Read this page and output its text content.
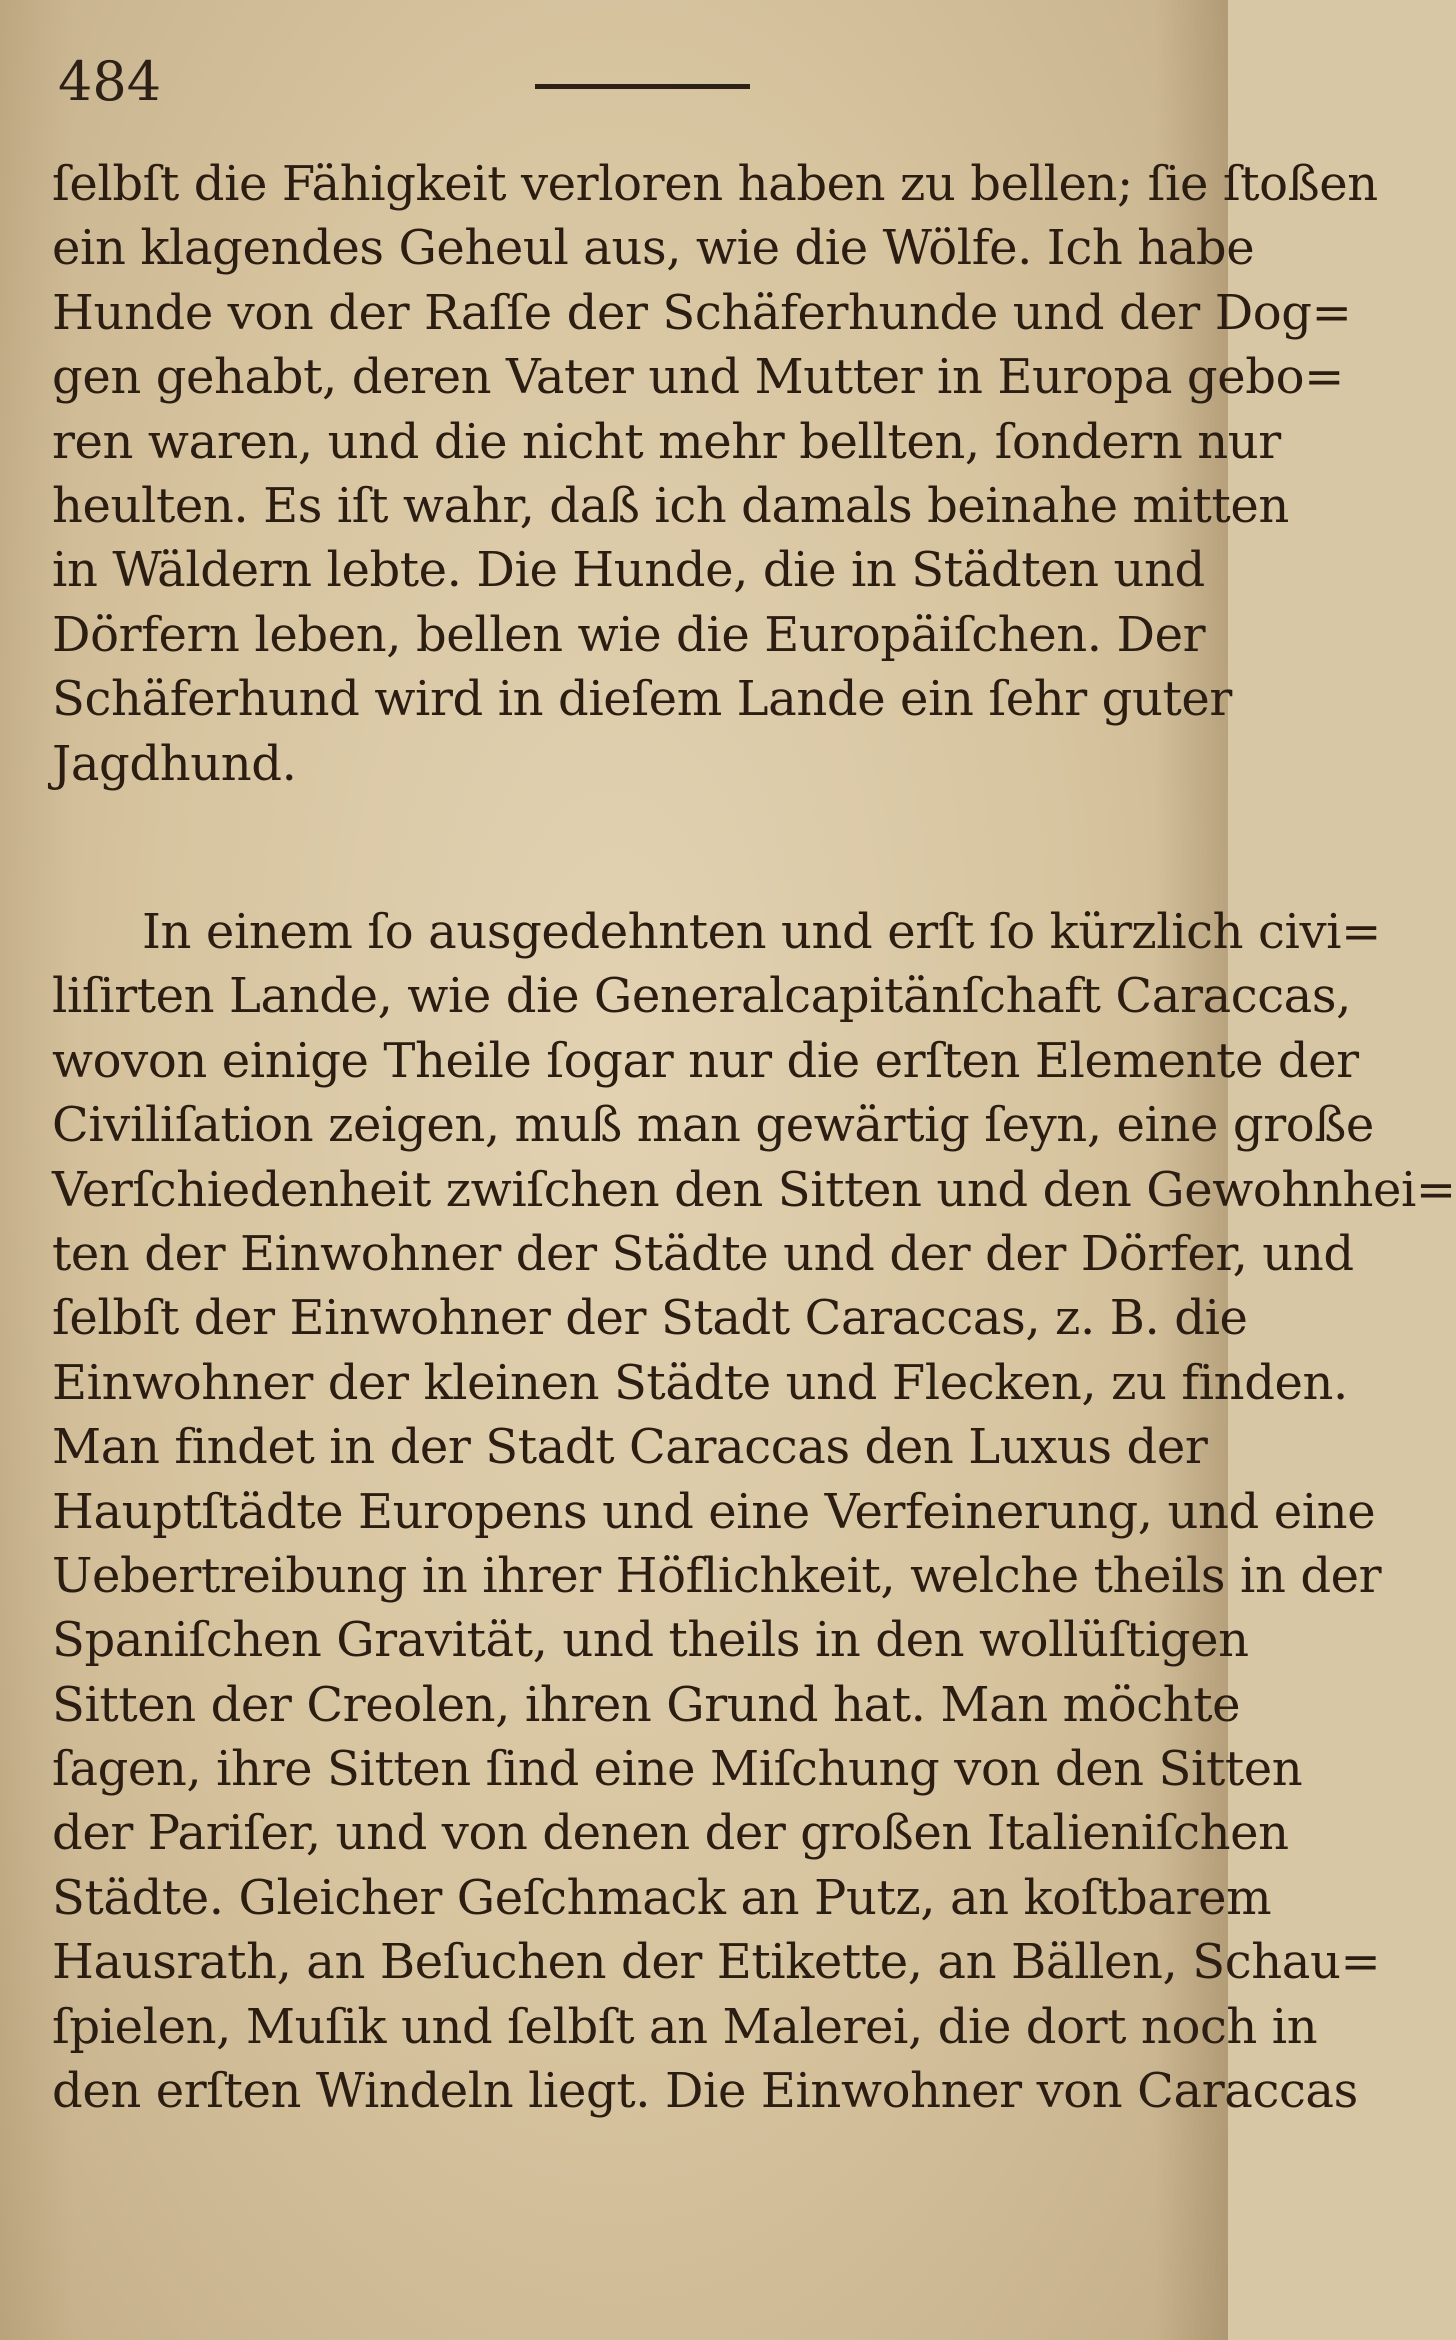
484
ſelbſt die Fähigkeit verloren haben zu bellen; ſie ſtoßen
ein klagendes Geheul aus, wie die Wölfe. Ich habe
Hunde von der Raſſe der Schäferhunde und der Dog=
gen gehabt, deren Vater und Mutter in Europa gebo=
ren waren, und die nicht mehr bellten, ſondern nur
heulten. Es iſt wahr, daß ich damals beinahe mitten
in Wäldern lebte. Die Hunde, die in Städten und
Dörfern leben, bellen wie die Europäiſchen. Der
Schäferhund wird in dieſem Lande ein ſehr guter
Jagdhund.
In einem ſo ausgedehnten und erſt ſo kürzlich civi=
liſirten Lande, wie die Generalcapitänſchaft Caraccas,
wovon einige Theile ſogar nur die erſten Elemente der
Civiliſation zeigen, muß man gewärtig ſeyn, eine große
Verſchiedenheit zwiſchen den Sitten und den Gewohnhei=
ten der Einwohner der Städte und der der Dörfer, und
ſelbſt der Einwohner der Stadt Caraccas, z. B. die
Einwohner der kleinen Städte und Flecken, zu finden.
Man findet in der Stadt Caraccas den Luxus der
Hauptſtädte Europens und eine Verfeinerung, und eine
Uebertreibung in ihrer Höflichkeit, welche theils in der
Spaniſchen Gravität, und theils in den wollüſtigen
Sitten der Creolen, ihren Grund hat. Man möchte
ſagen, ihre Sitten ſind eine Miſchung von den Sitten
der Pariſer, und von denen der großen Italieniſchen
Städte. Gleicher Geſchmack an Putz, an koſtbarem
Hausrath, an Beſuchen der Etikette, an Bällen, Schau=
ſpielen, Muſik und ſelbſt an Malerei, die dort noch in
den erſten Windeln liegt. Die Einwohner von Caraccas
